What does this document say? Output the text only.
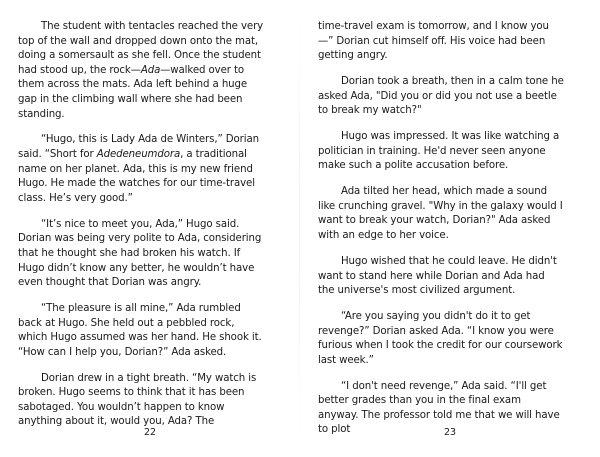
The student with tentacles reached the very top of the wall and dropped down onto the mat, doing a somersault as she fell. Once the student had stood up, the rock—Ada—walked over to them across the mats. Ada left behind a huge gap in the climbing wall where she had been standing.

“Hugo, this is Lady Ada de Winters,” Dorian said. “Short for Adedeneumdora, a traditional name on her planet. Ada, this is my new friend Hugo. He made the watches for our time-travel class. He’s very good.”

“It’s nice to meet you, Ada,” Hugo said. Dorian was being very polite to Ada, considering that he thought she had broken his watch. If Hugo didn’t know any better, he wouldn’t have even thought that Dorian was angry.

“The pleasure is all mine,” Ada rumbled back at Hugo. She held out a pebbled rock, which Hugo assumed was her hand. He shook it. “How can I help you, Dorian?” Ada asked.

Dorian drew in a tight breath. “My watch is broken. Hugo seems to think that it has been sabotaged. You wouldn’t happen to know anything about it, would you, Ada? The

time-travel exam is tomorrow, and I know you—” Dorian cut himself off. His voice had been getting angry.

Dorian took a breath, then in a calm tone he asked Ada, "Did you or did you not use a beetle to break my watch?"

Hugo was impressed. It was like watching a politician in training. He'd never seen anyone make such a polite accusation before.

Ada tilted her head, which made a sound like crunching gravel. "Why in the galaxy would I want to break your watch, Dorian?" Ada asked with an edge to her voice.

Hugo wished that he could leave. He didn't want to stand here while Dorian and Ada had the universe's most civilized argument.

“Are you saying you didn't do it to get revenge?” Dorian asked Ada. “I know you were furious when I took the credit for our coursework last week.”

“I don't need revenge,” Ada said. “I'll get better grades than you in the final exam anyway. The professor told me that we will have to plot

22	23
